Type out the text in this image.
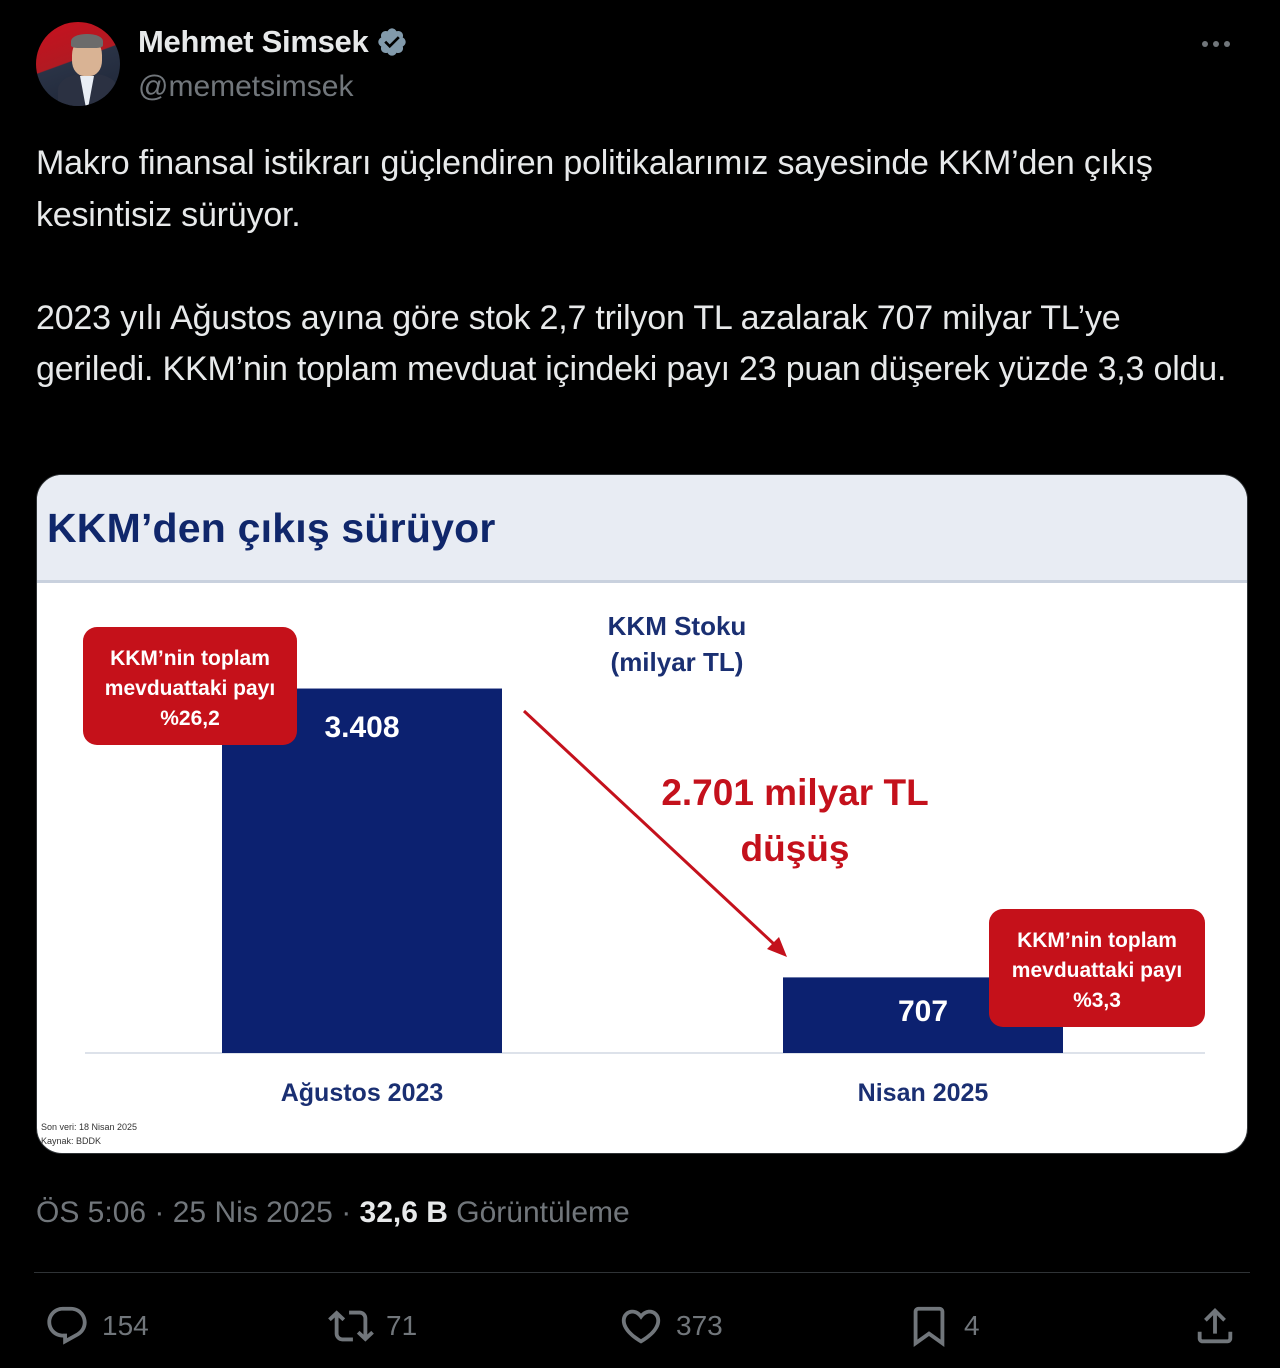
Mehmet Simsek
@memetsimsek
Makro finansal istikrarı güçlendiren politikalarımız sayesinde KKM’den çıkış kesintisiz sürüyor.

2023 yılı Ağustos ayına göre stok 2,7 trilyon TL azalarak 707 milyar TL’ye geriledi. KKM’nin toplam mevduat içindeki payı 23 puan düşerek yüzde 3,3 oldu.
KKM’den çıkış sürüyor
KKM Stoku
(milyar TL)
2.701 milyar TL
düşüş
KKM’nin toplam
mevduattaki payı
%26,2
KKM’nin toplam
mevduattaki payı
%3,3
3.408
707
Ağustos 2023	Nisan 2025
Son veri: 18 Nisan 2025
Kaynak: BDDK
ÖS 5:06 · 25 Nis 2025 · 32,6 B Görüntüleme
154	71	373	4
